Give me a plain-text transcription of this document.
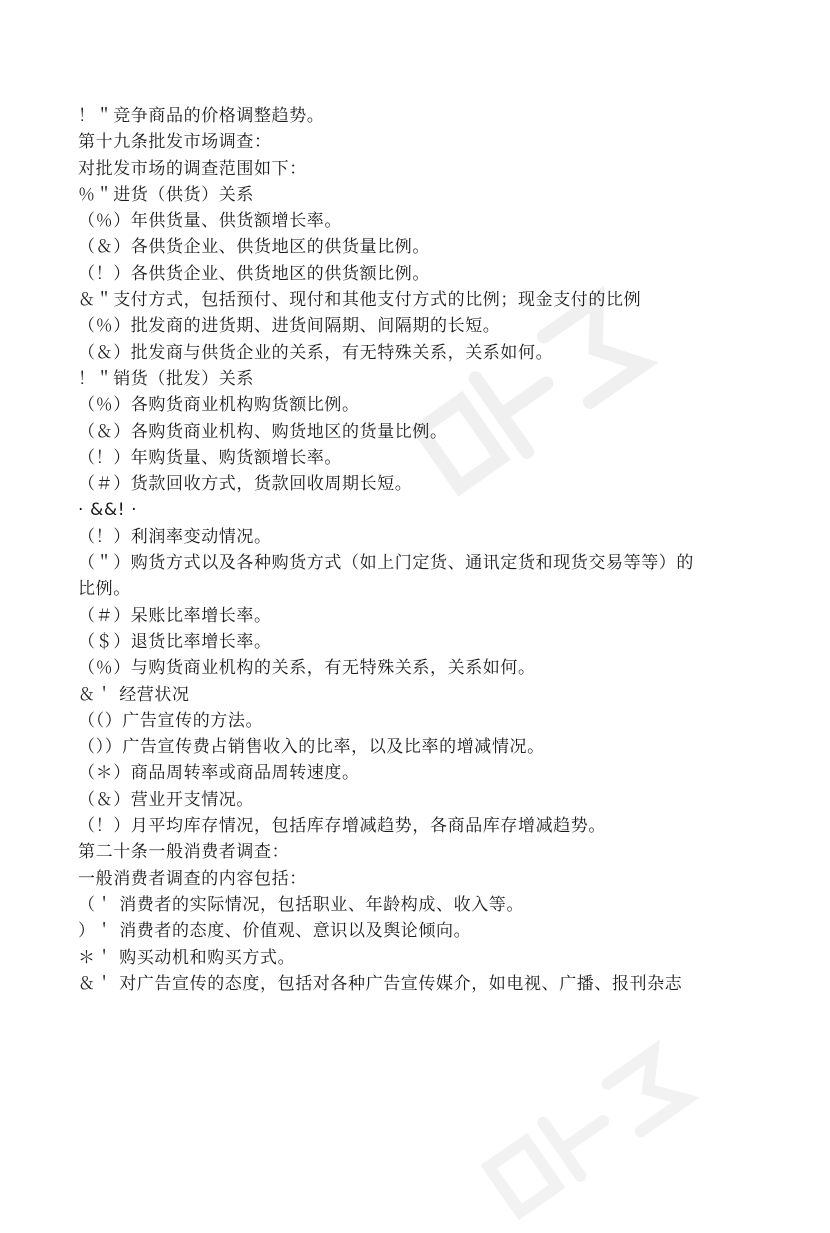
！＂竞争商品的价格调整趋势。
第十九条批发市场调查：
对批发市场的调查范围如下：
％＂进货（供货）关系
（％）年供货量、供货额增长率。
（＆）各供货企业、供货地区的供货量比例。
（！）各供货企业、供货地区的供货额比例。
＆＂支付方式，包括预付、现付和其他支付方式的比例；现金支付的比例
（％）批发商的进货期、进货间隔期、间隔期的长短。
（＆）批发商与供货企业的关系，有无特殊关系，关系如何。
！＂销货（批发）关系
（％）各购货商业机构购货额比例。
（＆）各购货商业机构、购货地区的货量比例。
（！）年购货量、购货额增长率。
（＃）货款回收方式，货款回收周期长短。
· &&! ·
（！）利润率变动情况。
（＂）购货方式以及各种购货方式（如上门定货、通讯定货和现货交易等等）的
比例。
（＃）呆账比率增长率。
（＄）退货比率增长率。
（％）与购货商业机构的关系，有无特殊关系，关系如何。
＆＇ 经营状况
（（）广告宣传的方法。
（））广告宣传费占销售收入的比率，以及比率的增减情况。
（＊）商品周转率或商品周转速度。
（＆）营业开支情况。
（！）月平均库存情况，包括库存增减趋势，各商品库存增减趋势。
第二十条一般消费者调查：
一般消费者调查的内容包括：
（＇ 消费者的实际情况，包括职业、年龄构成、收入等。
）＇ 消费者的态度、价值观、意识以及舆论倾向。
＊＇ 购买动机和购买方式。
＆＇ 对广告宣传的态度，包括对各种广告宣传媒介，如电视、广播、报刊杂志
